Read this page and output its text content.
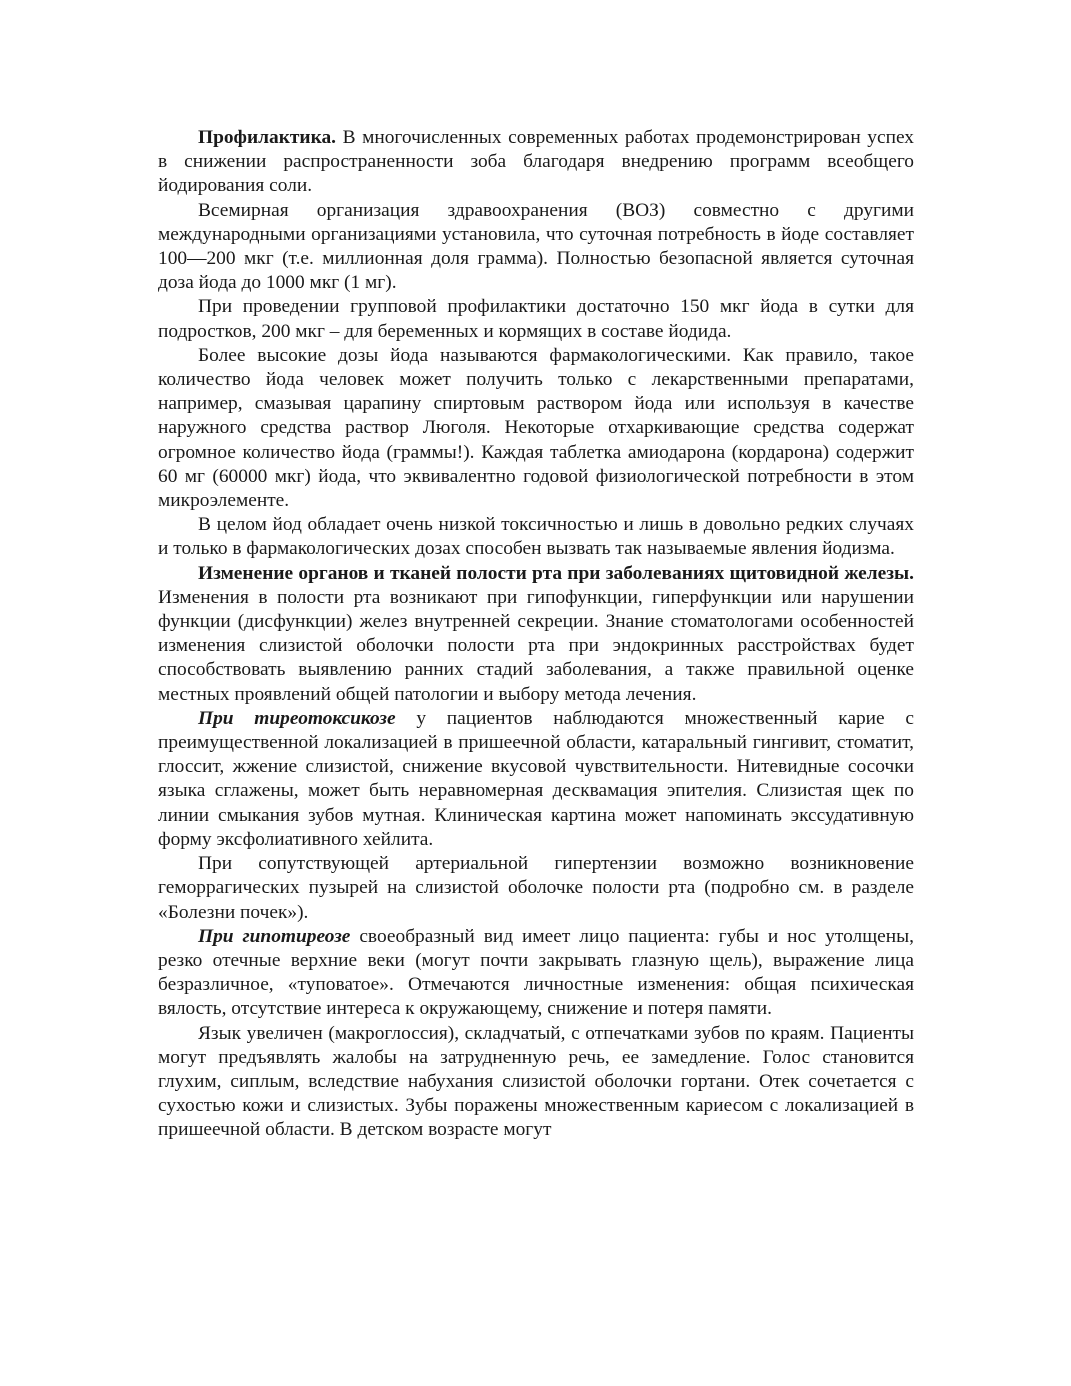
Профилактика. В многочисленных современных работах продемонстрирован успех в снижении распространенности зоба благодаря внедрению программ всеобщего йодирования соли.

Всемирная организация здравоохранения (ВОЗ) совместно с другими международными организациями установила, что суточная потребность в йоде составляет 100—200 мкг (т.е. миллионная доля грамма). Полностью безопасной является суточная доза йода до 1000 мкг (1 мг).

При проведении групповой профилактики достаточно 150 мкг йода в сутки для подростков, 200 мкг – для беременных и кормящих в составе йодида.

Более высокие дозы йода называются фармакологическими. Как правило, такое количество йода человек может получить только с лекарственными препаратами, например, смазывая царапину спиртовым раствором йода или используя в качестве наружного средства раствор Люголя. Некоторые отхаркивающие средства содержат огромное количество йода (граммы!). Каждая таблетка амиодарона (кордарона) содержит 60 мг (60000 мкг) йода, что эквивалентно годовой физиологической потребности в этом микроэлементе.

В целом йод обладает очень низкой токсичностью и лишь в довольно редких случаях и только в фармакологических дозах способен вызвать так называемые явления йодизма.

Изменение органов и тканей полости рта при заболеваниях щитовидной железы. Изменения в полости рта возникают при гипофункции, гиперфункции или нарушении функции (дисфункции) желез внутренней секреции. Знание стоматологами особенностей изменения слизистой оболочки полости рта при эндокринных расстройствах будет способствовать выявлению ранних стадий заболевания, а также правильной оценке местных проявлений общей патологии и выбору метода лечения.

При тиреотоксикозе у пациентов наблюдаются множественный карие с преимущественной локализацией в пришеечной области, катаральный гингивит, стоматит, глоссит, жжение слизистой, снижение вкусовой чувствительности. Нитевидные сосочки языка сглажены, может быть неравномерная десквамация эпителия. Слизистая щек по линии смыкания зубов мутная. Клиническая картина может напоминать экссудативную форму эксфолиативного хейлита.

При сопутствующей артериальной гипертензии возможно возникновение геморрагических пузырей на слизистой оболочке полости рта (подробно см. в разделе «Болезни почек»).

При гипотиреозе своеобразный вид имеет лицо пациента: губы и нос утолщены, резко отечные верхние веки (могут почти закрывать глазную щель), выражение лица безразличное, «туповатое». Отмечаются личностные изменения: общая психическая вялость, отсутствие интереса к окружающему, снижение и потеря памяти.

Язык увеличен (макроглоссия), складчатый, с отпечатками зубов по краям. Пациенты могут предъявлять жалобы на затрудненную речь, ее замедление. Голос становится глухим, сиплым, вследствие набухания слизистой оболочки гортани. Отек сочетается с сухостью кожи и слизистых. Зубы поражены множественным кариесом с локализацией в пришеечной области. В детском возрасте могут
